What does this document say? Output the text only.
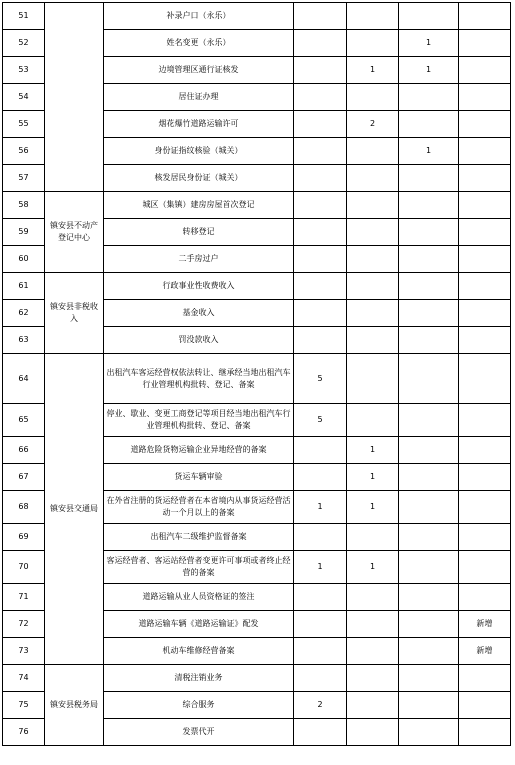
51		补录户口（永乐）				
52		姓名变更（永乐）			1	
53		边境管理区通行证核发		1	1	
54		居住证办理				
55		烟花爆竹道路运输许可		2		
56		身份证指纹核验（城关）			1	
57		核发居民身份证（城关）				
58	镇安县不动产登记中心	城区（集镇）建房房屋首次登记				
59		转移登记				
60		二手房过户				
61	镇安县非税收入	行政事业性收费收入				
62		基金收入				
63		罚没款收入				
64	镇安县交通局	出租汽车客运经营权依法转让、继承经当地出租汽车行业管理机构批转、登记、备案	5			
65		停业、歇业、变更工商登记等项目经当地出租汽车行业管理机构批转、登记、备案	5			
66		道路危险货物运输企业异地经营的备案		1		
67		货运车辆审验		1		
68		在外省注册的货运经营者在本省境内从事货运经营活动一个月以上的备案	1	1		
69		出租汽车二级维护监督备案				
70		客运经营者、客运站经营者变更许可事项或者终止经营的备案	1	1		
71		道路运输从业人员资格证的签注				
72		道路运输车辆《道路运输证》配发				新增
73		机动车维修经营备案				新增
74	镇安县税务局	清税注销业务				
75		综合服务	2			
76		发票代开				
